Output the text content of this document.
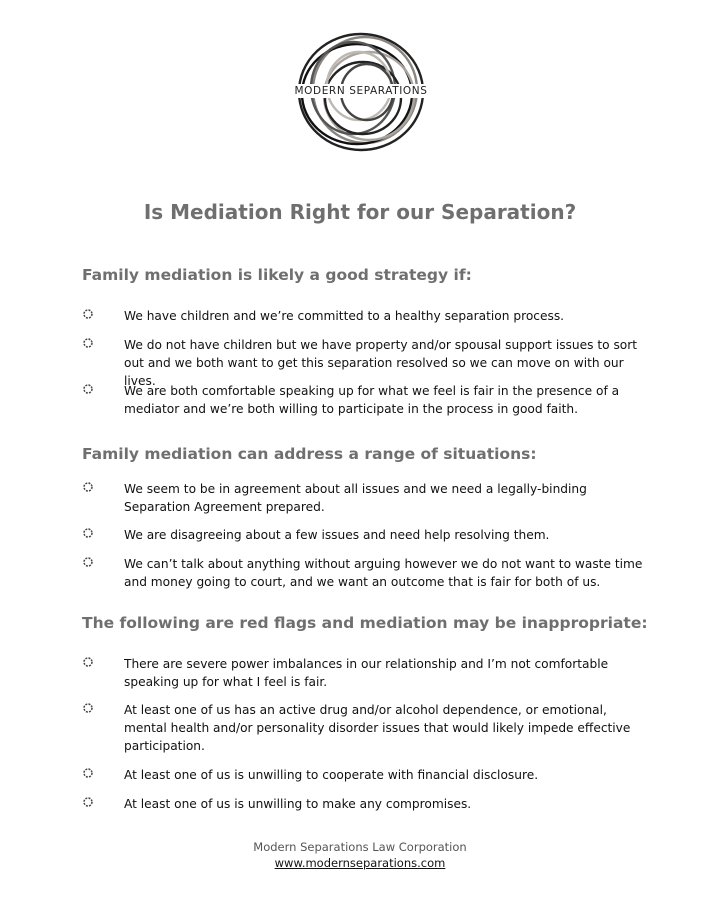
MODERN SEPARATIONS
Is Mediation Right for our Separation?
Family mediation is likely a good strategy if:
We have children and we’re committed to a healthy separation process.
We do not have children but we have property and/or spousal support issues to sort out and we both want to get this separation resolved so we can move on with our lives.
We are both comfortable speaking up for what we feel is fair in the presence of a mediator and we’re both willing to participate in the process in good faith.
Family mediation can address a range of situations:
We seem to be in agreement about all issues and we need a legally-binding Separation Agreement prepared.
We are disagreeing about a few issues and need help resolving them.
We can’t talk about anything without arguing however we do not want to waste time and money going to court, and we want an outcome that is fair for both of us.
The following are red flags and mediation may be inappropriate:
There are severe power imbalances in our relationship and I’m not comfortable speaking up for what I feel is fair.
At least one of us has an active drug and/or alcohol dependence, or emotional, mental health and/or personality disorder issues that would likely impede effective participation.
At least one of us is unwilling to cooperate with financial disclosure.
At least one of us is unwilling to make any compromises.
Modern Separations Law Corporation
www.modernseparations.com
